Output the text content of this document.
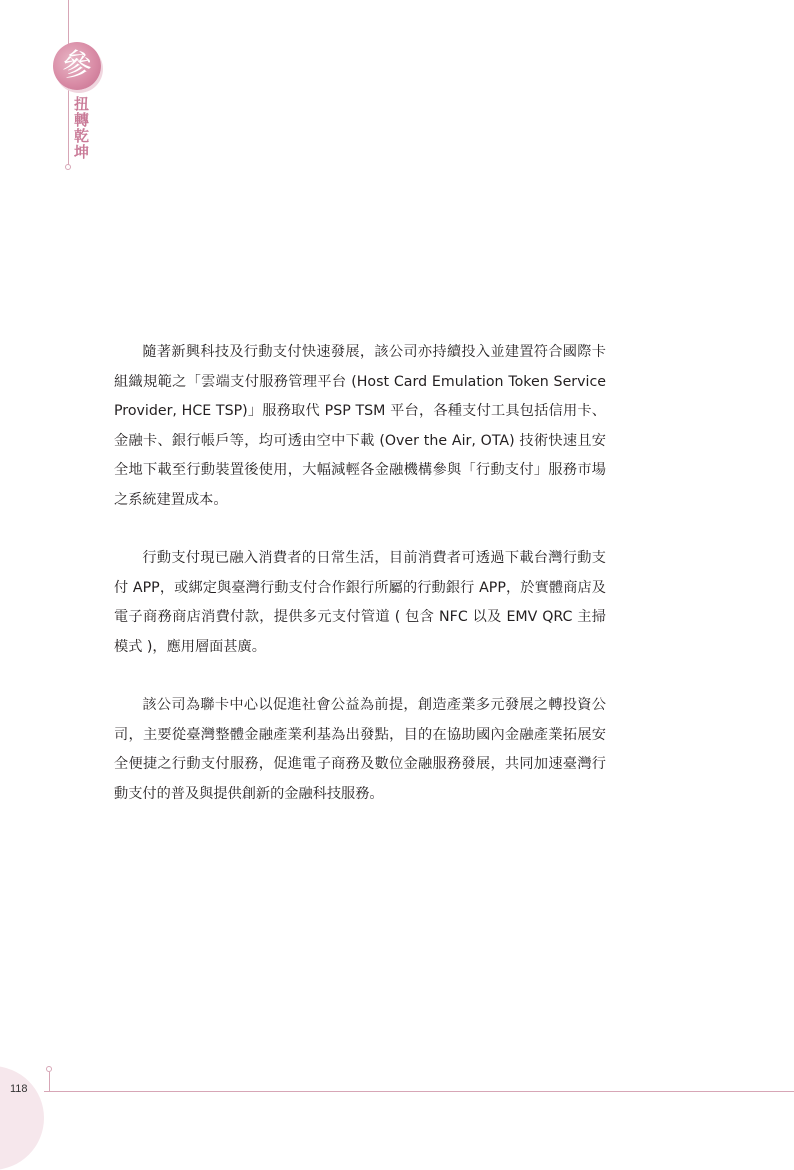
參
扭轉乾坤

隨著新興科技及行動支付快速發展，該公司亦持續投入並建置符合國際卡組織規範之「雲端支付服務管理平台 (Host Card Emulation Token Service Provider, HCE TSP)」服務取代 PSP TSM 平台，各種支付工具包括信用卡、金融卡、銀行帳戶等，均可透由空中下載 (Over the Air, OTA) 技術快速且安全地下載至行動裝置後使用，大幅減輕各金融機構參與「行動支付」服務市場之系統建置成本。

行動支付現已融入消費者的日常生活，目前消費者可透過下載台灣行動支付 APP，或綁定與臺灣行動支付合作銀行所屬的行動銀行 APP，於實體商店及電子商務商店消費付款，提供多元支付管道 ( 包含 NFC 以及 EMV QRC 主掃模式 )，應用層面甚廣。

該公司為聯卡中心以促進社會公益為前提，創造產業多元發展之轉投資公司，主要從臺灣整體金融產業利基為出發點，目的在協助國內金融產業拓展安全便捷之行動支付服務，促進電子商務及數位金融服務發展，共同加速臺灣行動支付的普及與提供創新的金融科技服務。

118
